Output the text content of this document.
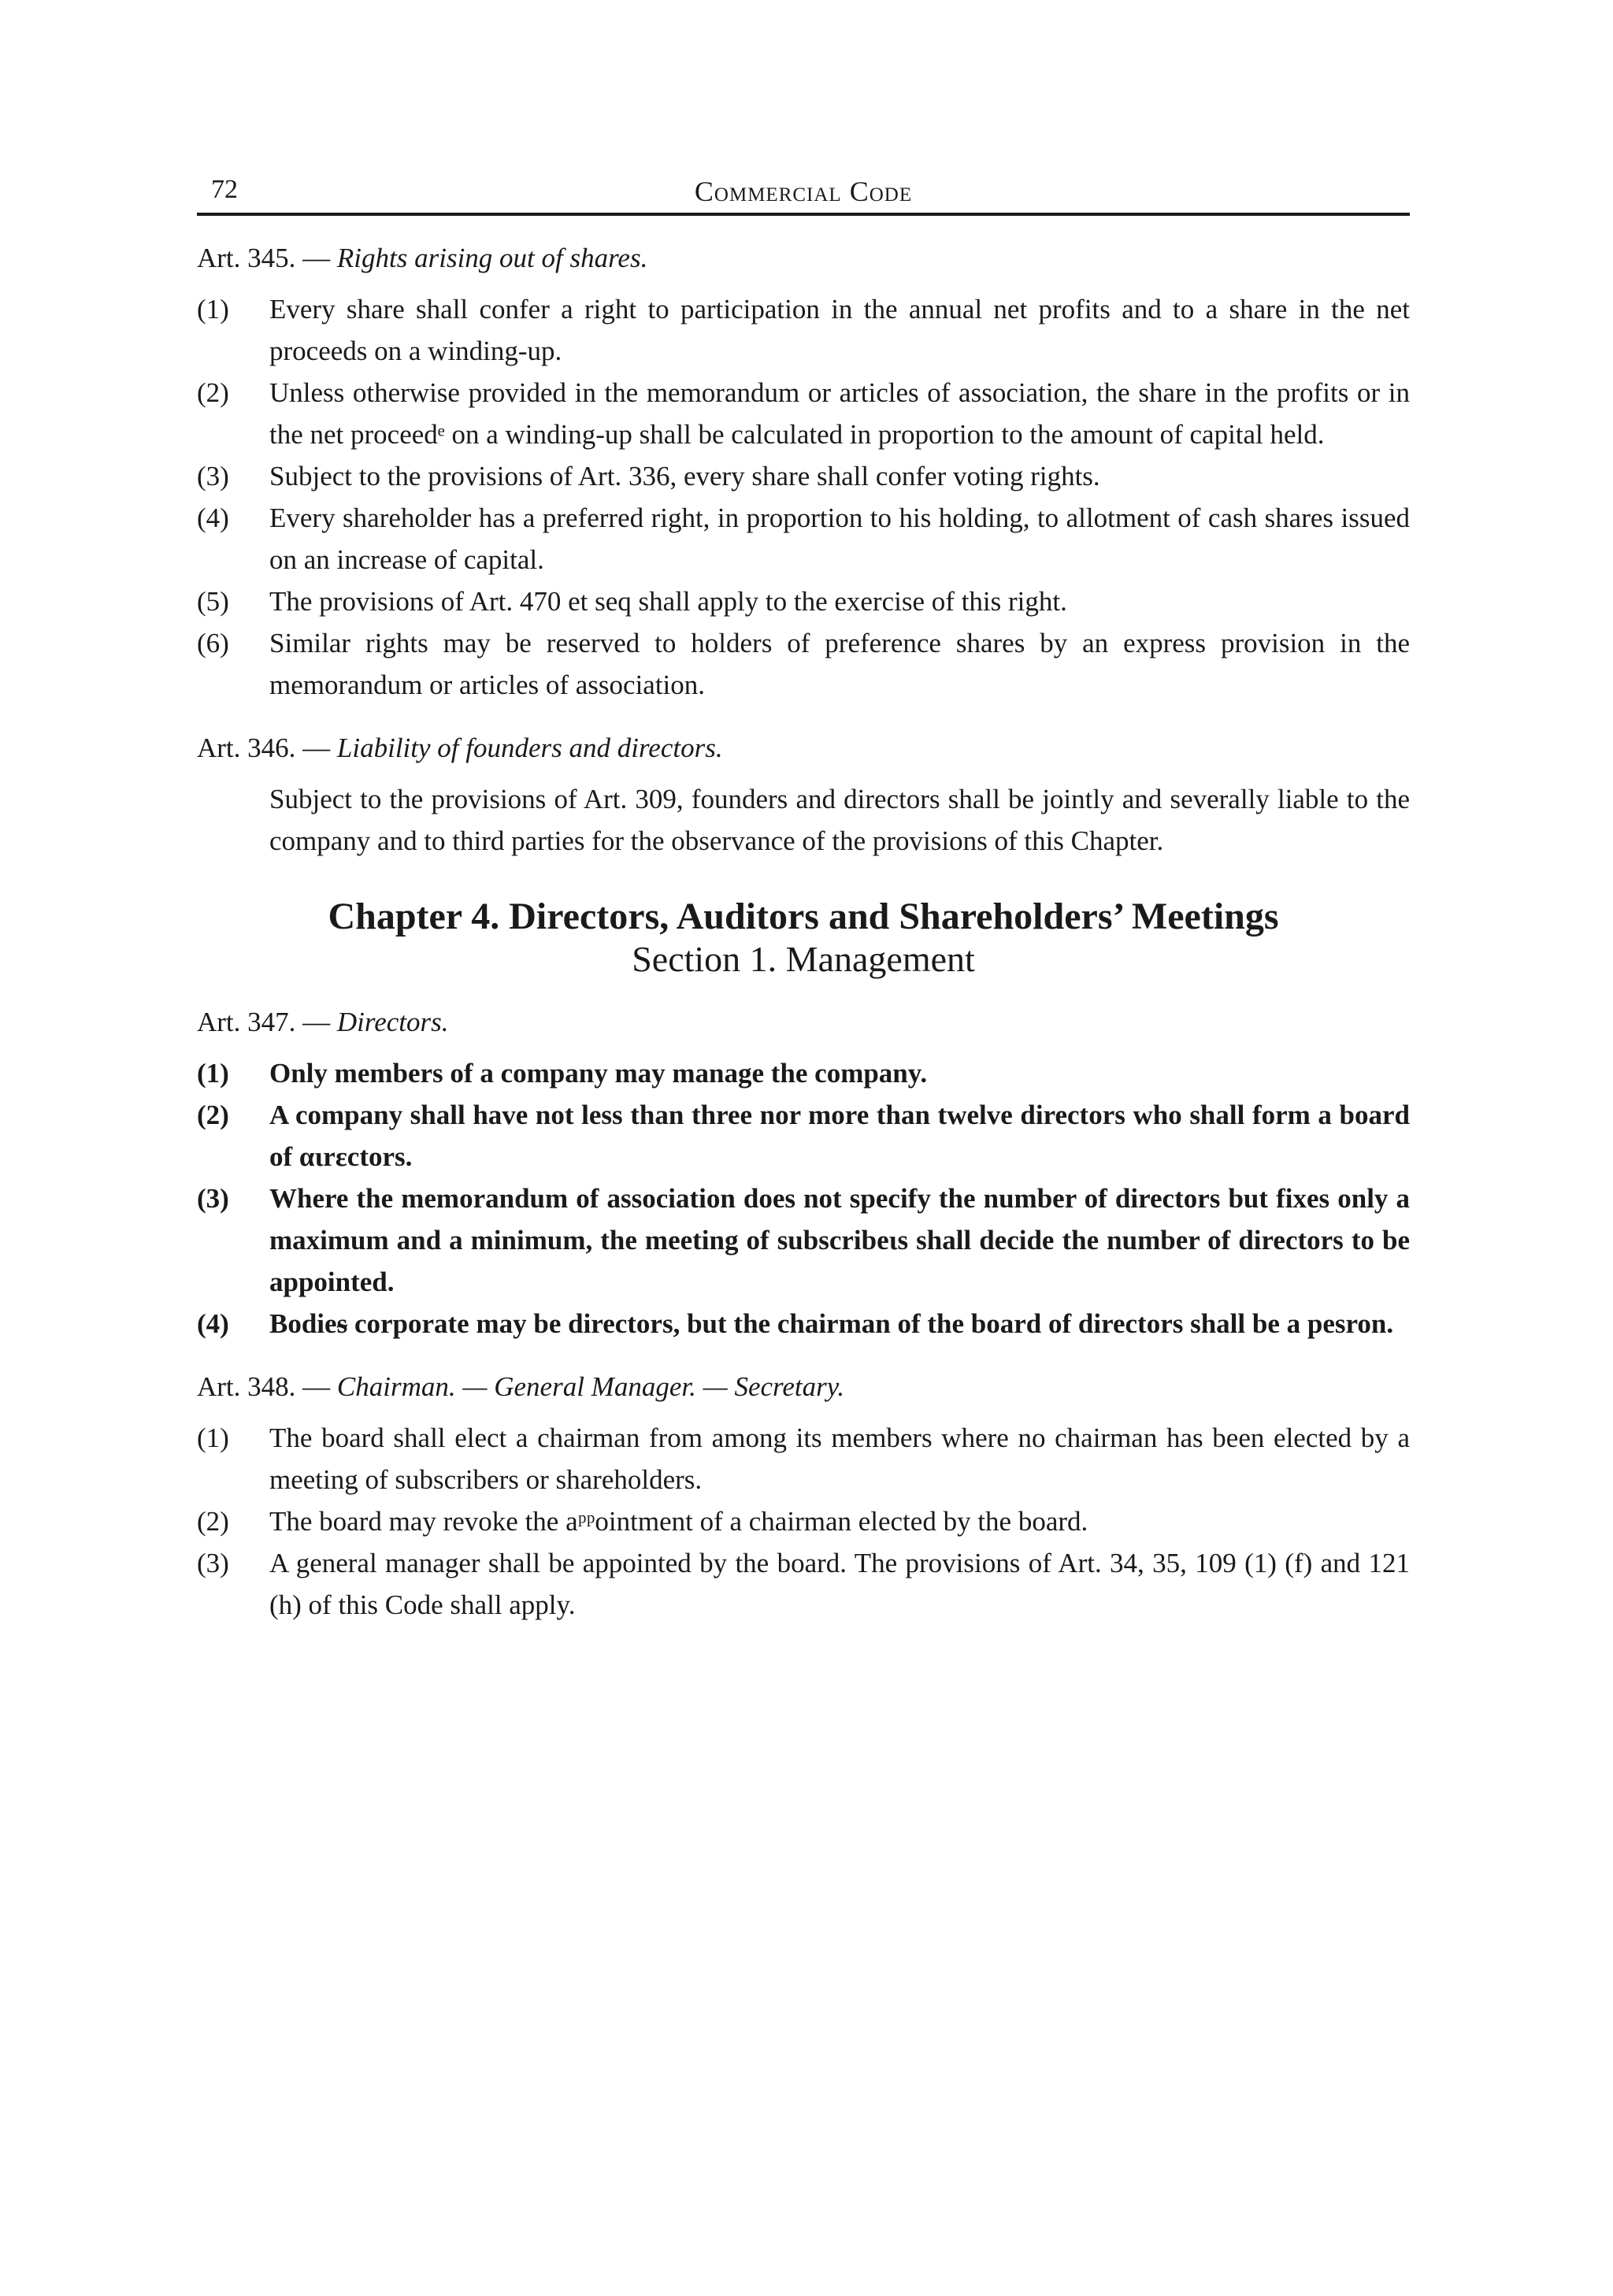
72	Commercial Code
Art. 345. — Rights arising out of shares.
(1)	Every share shall confer a right to participation in the annual net profits and to a share in the net proceeds on a winding-up.
(2)	Unless otherwise provided in the memorandum or articles of association, the share in the profits or in the net proceedᵉ on a winding-up shall be calculated in proportion to the amount of capital held.
(3)	Subject to the provisions of Art. 336, every share shall confer voting rights.
(4)	Every shareholder has a preferred right, in proportion to his holding, to allotment of cash shares issued on an increase of capital.
(5)	The provisions of Art. 470 et seq shall apply to the exercise of this right.
(6)	Similar rights may be reserved to holders of preference shares by an express provision in the memorandum or articles of association.
Art. 346. — Liability of founders and directors.
Subject to the provisions of Art. 309, founders and directors shall be jointly and severally liable to the company and to third parties for the observance of the provisions of this Chapter.
Chapter 4. Directors, Auditors and Shareholders’ Meetings
Section 1. Management
Art. 347. — Directors.
(1)	Only members of a company may manage the company.
(2)	A company shall have not less than three nor more than twelve directors who shall form a board of αιrεctors.
(3)	Where the memorandum of association does not specify the number of directors but fixes only a maximum and a minimum, the meeting of subscribeιs shall decide the number of directors to be appointed.
(4)	Bodieᵴ corporate may be directors, but the chairman of the board of directors shall be a pesron.
Art. 348. — Chairman. — General Manager. — Secretary.
(1)	The board shall elect a chairman from among its members where no chairman has been elected by a meeting of subscribers or shareholders.
(2)	The board may revoke the aᵖᵖointment of a chairman elected by the board.
(3)	A general manager shall be appointed by the board. The provisions of Art. 34, 35, 109 (1) (f) and 121 (h) of this Code shall apply.
